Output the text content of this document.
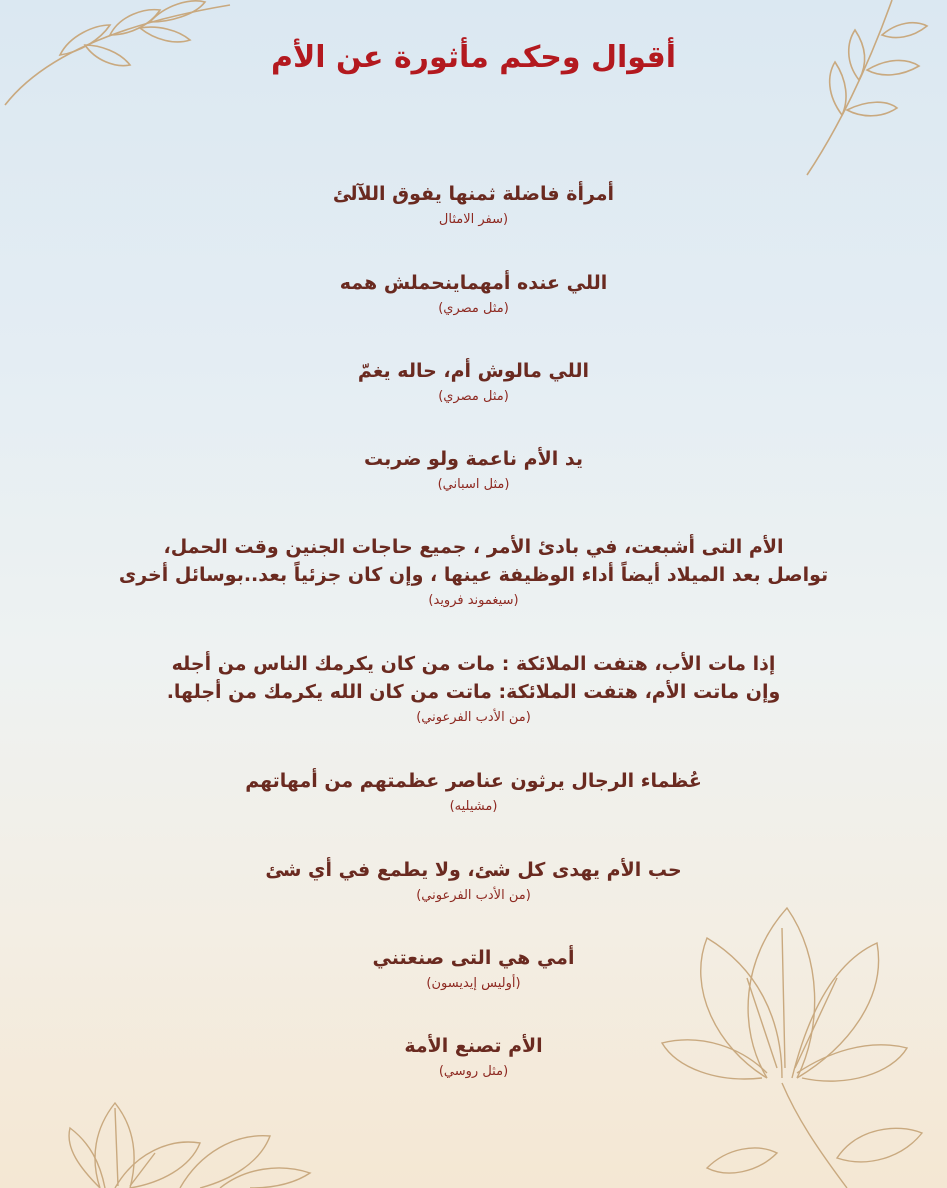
أقوال وحكم مأثورة عن الأم
أمرأة فاضلة ثمنها يفوق اللآلئ
(سفر الامثال
اللي عنده أمهماينحملش همه
(مثل مصري)
اللي مالوش أم، حاله يغمّ
(مثل مصري)
يد الأم ناعمة ولو ضربت
(مثل اسباني)
الأم التى أشبعت، في بادئ الأمر ، جميع حاجات الجنين وقت الحمل،
تواصل بعد الميلاد أيضاً أداء الوظيفة عينها ، وإن كان جزئياً بعد..بوسائل أخرى
(سيغموند فرويد)
إذا مات الأب، هتفت الملائكة : مات من كان يكرمك الناس من أجله
وإن ماتت الأم، هتفت الملائكة: ماتت من كان الله يكرمك من أجلها.
(من الأدب الفرعوني)
عُظماء الرجال يرثون عناصر عظمتهم من أمهاتهم
(مشيليه)
حب الأم يهدى كل شئ، ولا يطمع في أي شئ
(من الأدب الفرعوني)
أمي هي التى صنعتني
(أوليس إيديسون)
الأم تصنع الأمة
(مثل روسي)
